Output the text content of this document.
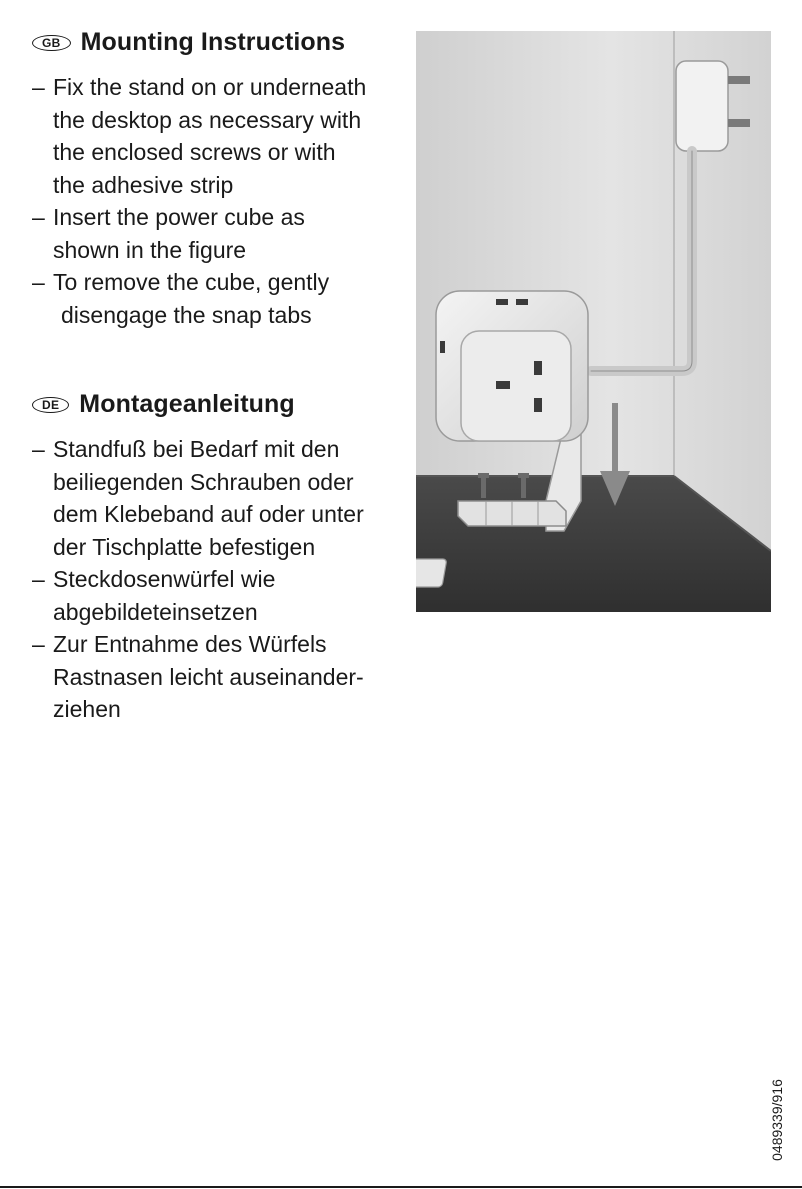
GB Mounting Instructions
– Fix the stand on or underneath
the desktop as necessary with
the enclosed screws or with
the adhesive strip
– Insert the power cube as
shown in the figure
– To remove the cube, gently
disengage the snap tabs
DE Montageanleitung
– Standfuß bei Bedarf mit den
beiliegenden Schrauben oder
dem Klebeband auf oder unter
der Tischplatte befestigen
– Steckdosenwürfel wie
abgebildeteinsetzen
– Zur Entnahme des Würfels
Rastnasen leicht auseinander-
ziehen
0489339/916
